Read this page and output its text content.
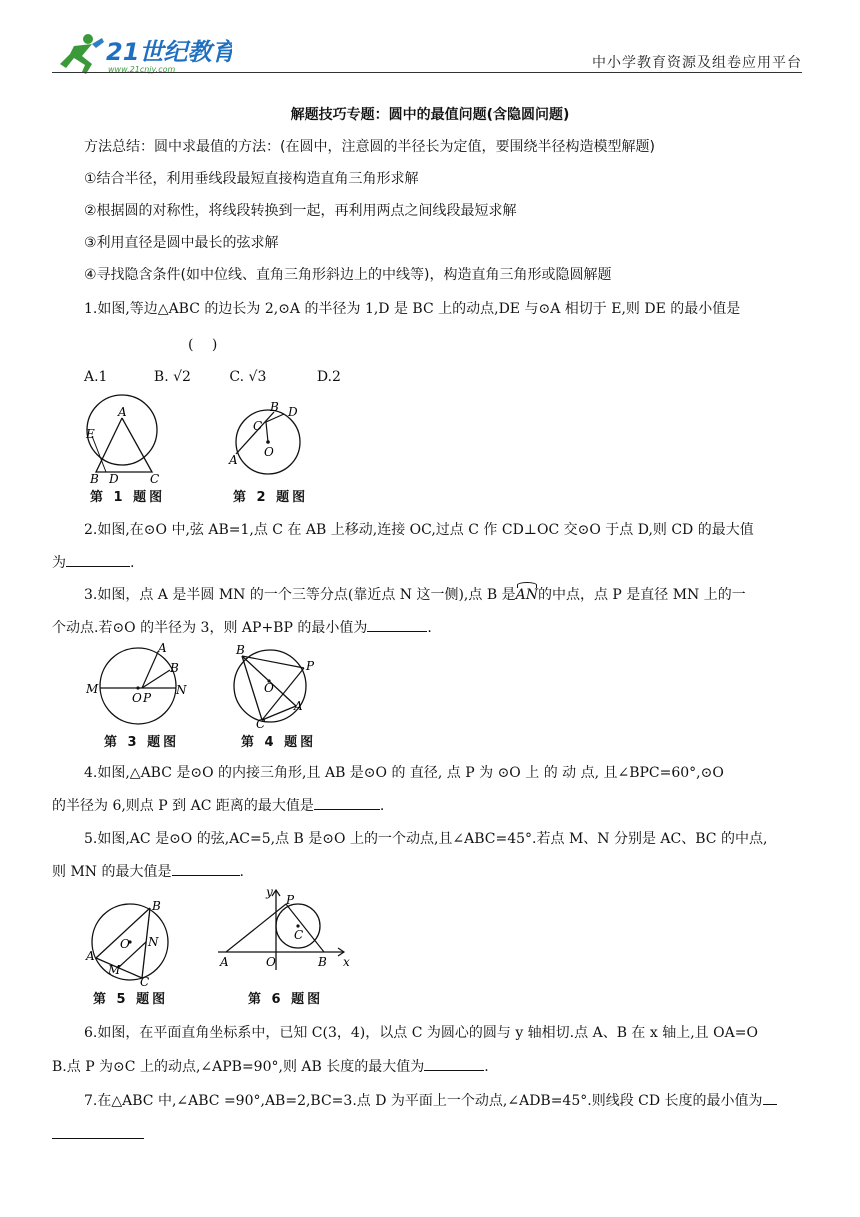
21世纪教育
www.21cnjy.com	中小学教育资源及组卷应用平台
解题技巧专题：圆中的最值问题(含隐圆问题)
方法总结：圆中求最值的方法：(在圆中，注意圆的半径长为定值，要围绕半径构造模型解题)
①结合半径，利用垂线段最短直接构造直角三角形求解
②根据圆的对称性，将线段转换到一起，再利用两点之间线段最短求解
③利用直径是圆中最长的弦求解
④寻找隐含条件(如中位线、直角三角形斜边上的中线等)，构造直角三角形或隐圆解题
1.如图,等边△ABC 的边长为 2,⊙A 的半径为 1,D 是 BC 上的动点,DE 与⊙A 相切于 E,则 DE 的最小值是
(　 )
A.1	B. √2	C. √3	D.2
A
E
B D	C
第 1 题图
B D
C
O
A
第 2 题图
2.如图,在⊙O 中,弦 AB=1,点 C 在 AB 上移动,连接 OC,过点 C 作 CD⊥OC 交⊙O 于点 D,则 CD 的最大值
为	.
3.如图，点 A 是半圆 MN 的一个三等分点(靠近点 N 这一侧),点 B 是AN的中点，点 P 是直径 MN 上的一
个动点.若⊙O 的半径为 3，则 AP+BP 的最小值为	.
M
A
B
N
O P
第 3 题图
B
P
O
A
C
第 4 题图
4.如图,△ABC 是⊙O 的内接三角形,且 AB 是⊙O 的 直径, 点 P 为 ⊙O 上 的 动 点, 且∠BPC=60°,⊙O
的半径为 6,则点 P 到 AC 距离的最大值是	.
5.如图,AC 是⊙O 的弦,AC=5,点 B 是⊙O 上的一个动点,且∠ABC=45°.若点 M、N 分别是 AC、BC 的中点,
则 MN 的最大值是	.
B
O N
A
M
C
第 5 题图
y
P
C
A	O	B x
第 6 题图
6.如图，在平面直角坐标系中，已知 C(3，4)，以点 C 为圆心的圆与 y 轴相切.点 A、B 在 x 轴上,且 OA=O
B.点 P 为⊙C 上的动点,∠APB=90°,则 AB 长度的最大值为	.
7.在△ABC 中,∠ABC =90°,AB=2,BC=3.点 D 为平面上一个动点,∠ADB=45°.则线段 CD 长度的最小值为
